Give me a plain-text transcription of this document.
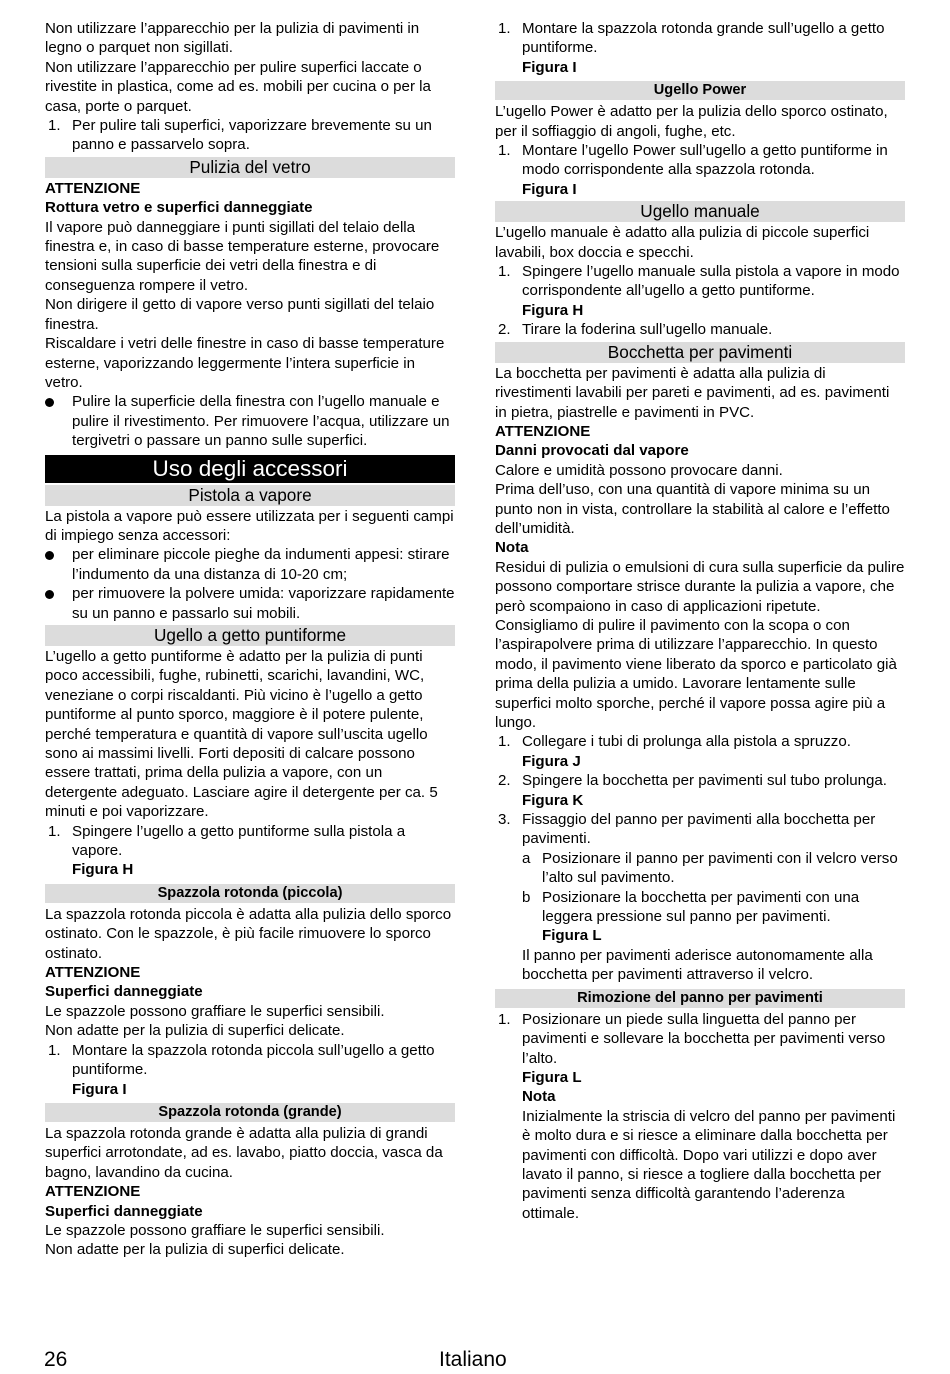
Non utilizzare l’apparecchio per la pulizia di pavimenti in legno o parquet non sigillati.

Non utilizzare l’apparecchio per pulire superfici laccate o rivestite in plastica, come ad es. mobili per cucina o per la casa, porte o parquet.

1. Per pulire tali superfici, vaporizzare brevemente su un panno e passarvelo sopra.
Pulizia del vetro

ATTENZIONE

Rottura vetro e superfici danneggiate

Il vapore può danneggiare i punti sigillati del telaio della finestra e, in caso di basse temperature esterne, provocare tensioni sulla superficie dei vetri della finestra e di conseguenza rompere il vetro.

Non dirigere il getto di vapore verso punti sigillati del telaio finestra.

Riscaldare i vetri delle finestre in caso di basse temperature esterne, vaporizzando leggermente l’intera superficie in vetro.

Pulire la superficie della finestra con l’ugello manuale e pulire il rivestimento. Per rimuovere l’acqua, utilizzare un tergivetri o passare un panno sulle superfici.
Uso degli accessori
Pistola a vapore

La pistola a vapore può essere utilizzata per i seguenti campi di impiego senza accessori:

per eliminare piccole pieghe da indumenti appesi: stirare l’indumento da una distanza di 10-20 cm;
per rimuovere la polvere umida: vaporizzare rapidamente su un panno e passarlo sui mobili.
Ugello a getto puntiforme

L’ugello a getto puntiforme è adatto per la pulizia di punti poco accessibili, fughe, rubinetti, scarichi, lavandini, WC, veneziane o corpi riscaldanti. Più vicino è l’ugello a getto puntiforme al punto sporco, maggiore è il potere pulente, perché temperatura e quantità di vapore sull’uscita ugello sono ai massimi livelli. Forti depositi di calcare possono essere trattati, prima della pulizia a vapore, con un detergente adeguato. Lasciare agire il detergente per ca. 5 minuti e poi vaporizzare.

1. Spingere l’ugello a getto puntiforme sulla pistola a vapore.

Figura H

Spazzola rotonda (piccola)

La spazzola rotonda piccola è adatta alla pulizia dello sporco ostinato. Con le spazzole, è più facile rimuovere lo sporco ostinato.

ATTENZIONE

Superfici danneggiate

Le spazzole possono graffiare le superfici sensibili.

Non adatte per la pulizia di superfici delicate.

1. Montare la spazzola rotonda piccola sull’ugello a getto puntiforme.

Figura I

Spazzola rotonda (grande)

La spazzola rotonda grande è adatta alla pulizia di grandi superfici arrotondate, ad es. lavabo, piatto doccia, vasca da bagno, lavandino da cucina.

ATTENZIONE

Superfici danneggiate

Le spazzole possono graffiare le superfici sensibili.

Non adatte per la pulizia di superfici delicate.

1. Montare la spazzola rotonda grande sull’ugello a getto puntiforme.

Figura I

Ugello Power

L’ugello Power è adatto per la pulizia dello sporco ostinato, per il soffiaggio di angoli, fughe, etc.

1. Montare l’ugello Power sull’ugello a getto puntiforme in modo corrispondente alla spazzola rotonda.

Figura I

Ugello manuale

L’ugello manuale è adatto alla pulizia di piccole superfici lavabili, box doccia e specchi.

1. Spingere l’ugello manuale sulla pistola a vapore in modo corrispondente all’ugello a getto puntiforme.

Figura H

2. Tirare la foderina sull’ugello manuale.
Bocchetta per pavimenti

La bocchetta per pavimenti è adatta alla pulizia di rivestimenti lavabili per pareti e pavimenti, ad es. pavimenti in pietra, piastrelle e pavimenti in PVC.

ATTENZIONE

Danni provocati dal vapore

Calore e umidità possono provocare danni.

Prima dell’uso, con una quantità di vapore minima su un punto non in vista, controllare la stabilità al calore e l’effetto dell’umidità.

Nota

Residui di pulizia o emulsioni di cura sulla superficie da pulire possono comportare strisce durante la pulizia a vapore, che però scompaiono in caso di applicazioni ripetute.

Consigliamo di pulire il pavimento con la scopa o con l’aspirapolvere prima di utilizzare l’apparecchio. In questo modo, il pavimento viene liberato da sporco e particolato già prima della pulizia a umido. Lavorare lentamente sulle superfici molto sporche, perché il vapore possa agire più a lungo.

1. Collegare i tubi di prolunga alla pistola a spruzzo.

Figura J

2. Spingere la bocchetta per pavimenti sul tubo prolunga.

Figura K

3. Fissaggio del panno per pavimenti alla bocchetta per pavimenti.
a Posizionare il panno per pavimenti con il velcro verso l’alto sul pavimento.
b Posizionare la bocchetta per pavimenti con una leggera pressione sul panno per pavimenti.

Figura L

Il panno per pavimenti aderisce autonomamente alla bocchetta per pavimenti attraverso il velcro.

Rimozione del panno per pavimenti
1. Posizionare un piede sulla linguetta del panno per pavimenti e sollevare la bocchetta per pavimenti verso l’alto.

Figura L

Nota

Inizialmente la striscia di velcro del panno per pavimenti è molto dura e si riesce a eliminare dalla bocchetta per pavimenti con difficoltà. Dopo vari utilizzi e dopo aver lavato il panno, si riesce a togliere dalla bocchetta per pavimenti senza difficoltà garantendo l’aderenza ottimale.

26	Italiano
